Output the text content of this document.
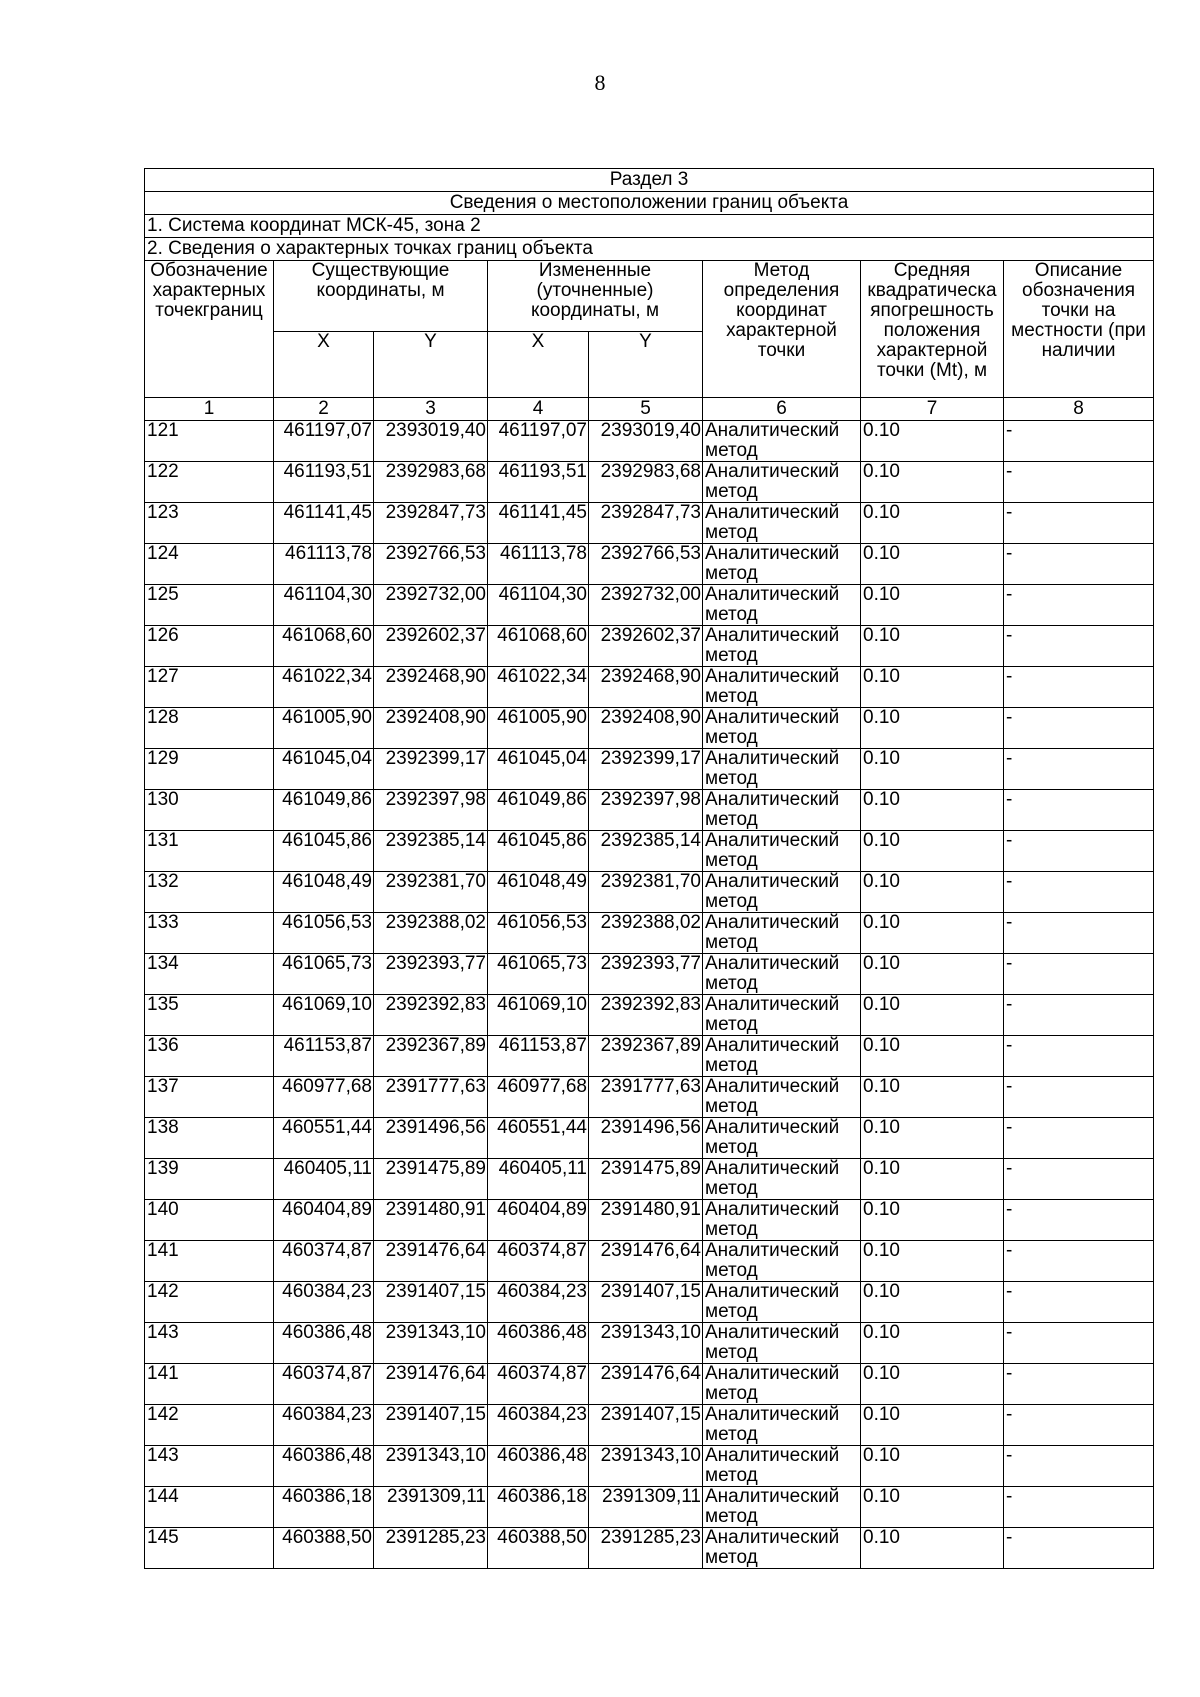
8
Раздел 3							
Сведения о местоположении границ объекта							
1. Система координат МСК-45, зона 2							
2. Сведения о характерных точках границ объекта							
Обозначение характерных точекграниц	Существующие координаты, м		Измененные (уточненные) координаты, м		Метод определения координат характерной точки	Средняя квадратическа япогрешность положения характерной точки (Mt), м	Описание обозначения точки на местности (при наличии
	X	Y	X	Y			
1	2	3	4	5	6	7	8
121	461197,07	2393019,40	461197,07	2393019,40	Аналитический метод	0.10	-
122	461193,51	2392983,68	461193,51	2392983,68	Аналитический метод	0.10	-
123	461141,45	2392847,73	461141,45	2392847,73	Аналитический метод	0.10	-
124	461113,78	2392766,53	461113,78	2392766,53	Аналитический метод	0.10	-
125	461104,30	2392732,00	461104,30	2392732,00	Аналитический метод	0.10	-
126	461068,60	2392602,37	461068,60	2392602,37	Аналитический метод	0.10	-
127	461022,34	2392468,90	461022,34	2392468,90	Аналитический метод	0.10	-
128	461005,90	2392408,90	461005,90	2392408,90	Аналитический метод	0.10	-
129	461045,04	2392399,17	461045,04	2392399,17	Аналитический метод	0.10	-
130	461049,86	2392397,98	461049,86	2392397,98	Аналитический метод	0.10	-
131	461045,86	2392385,14	461045,86	2392385,14	Аналитический метод	0.10	-
132	461048,49	2392381,70	461048,49	2392381,70	Аналитический метод	0.10	-
133	461056,53	2392388,02	461056,53	2392388,02	Аналитический метод	0.10	-
134	461065,73	2392393,77	461065,73	2392393,77	Аналитический метод	0.10	-
135	461069,10	2392392,83	461069,10	2392392,83	Аналитический метод	0.10	-
136	461153,87	2392367,89	461153,87	2392367,89	Аналитический метод	0.10	-
137	460977,68	2391777,63	460977,68	2391777,63	Аналитический метод	0.10	-
138	460551,44	2391496,56	460551,44	2391496,56	Аналитический метод	0.10	-
139	460405,11	2391475,89	460405,11	2391475,89	Аналитический метод	0.10	-
140	460404,89	2391480,91	460404,89	2391480,91	Аналитический метод	0.10	-
141	460374,87	2391476,64	460374,87	2391476,64	Аналитический метод	0.10	-
142	460384,23	2391407,15	460384,23	2391407,15	Аналитический метод	0.10	-
143	460386,48	2391343,10	460386,48	2391343,10	Аналитический метод	0.10	-
141	460374,87	2391476,64	460374,87	2391476,64	Аналитический метод	0.10	-
142	460384,23	2391407,15	460384,23	2391407,15	Аналитический метод	0.10	-
143	460386,48	2391343,10	460386,48	2391343,10	Аналитический метод	0.10	-
144	460386,18	2391309,11	460386,18	2391309,11	Аналитический метод	0.10	-
145	460388,50	2391285,23	460388,50	2391285,23	Аналитический метод	0.10	-
